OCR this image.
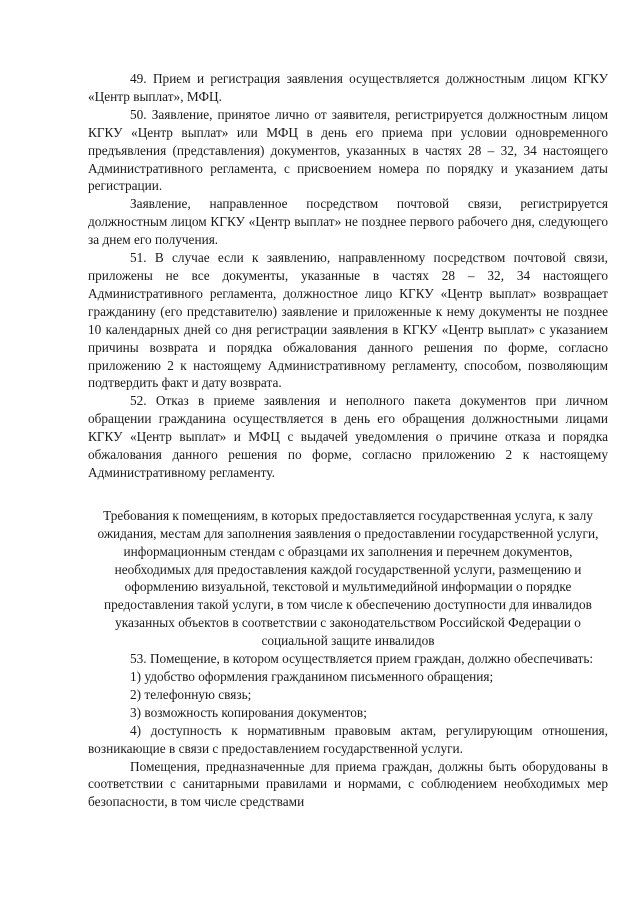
49. Прием и регистрация заявления осуществляется должностным лицом КГКУ «Центр выплат», МФЦ.

50. Заявление, принятое лично от заявителя, регистрируется должностным лицом КГКУ «Центр выплат» или МФЦ в день его приема при условии одновременного предъявления (представления) документов, указанных в частях 28 – 32, 34 настоящего Административного регламента, с присвоением номера по порядку и указанием даты регистрации.

Заявление, направленное посредством почтовой связи, регистрируется должностным лицом КГКУ «Центр выплат» не позднее первого рабочего дня, следующего за днем его получения.

51. В случае если к заявлению, направленному посредством почтовой связи, приложены не все документы, указанные в частях 28 – 32, 34 настоящего Административного регламента, должностное лицо КГКУ «Центр выплат» возвращает гражданину (его представителю) заявление и приложенные к нему документы не позднее 10 календарных дней со дня регистрации заявления в КГКУ «Центр выплат» с указанием причины возврата и порядка обжалования данного решения по форме, согласно приложению 2 к настоящему Административному регламенту, способом, позволяющим подтвердить факт и дату возврата.

52. Отказ в приеме заявления и неполного пакета документов при личном обращении гражданина осуществляется в день его обращения должностными лицами КГКУ «Центр выплат» и МФЦ с выдачей уведомления о причине отказа и порядка обжалования данного решения по форме, согласно приложению 2 к настоящему Административному регламенту.

Требования к помещениям, в которых предоставляется государственная услуга, к залу ожидания, местам для заполнения заявления о предоставлении государственной услуги, информационным стендам с образцами их заполнения и перечнем документов, необходимых для предоставления каждой государственной услуги, размещению и оформлению визуальной, текстовой и мультимедийной информации о порядке предоставления такой услуги, в том числе к обеспечению доступности для инвалидов указанных объектов в соответствии с законодательством Российской Федерации о социальной защите инвалидов

53. Помещение, в котором осуществляется прием граждан, должно обеспечивать:

1) удобство оформления гражданином письменного обращения;

2) телефонную связь;

3) возможность копирования документов;

4) доступность к нормативным правовым актам, регулирующим отношения, возникающие в связи с предоставлением государственной услуги.

Помещения, предназначенные для приема граждан, должны быть оборудованы в соответствии с санитарными правилами и нормами, с соблюдением необходимых мер безопасности, в том числе средствами
